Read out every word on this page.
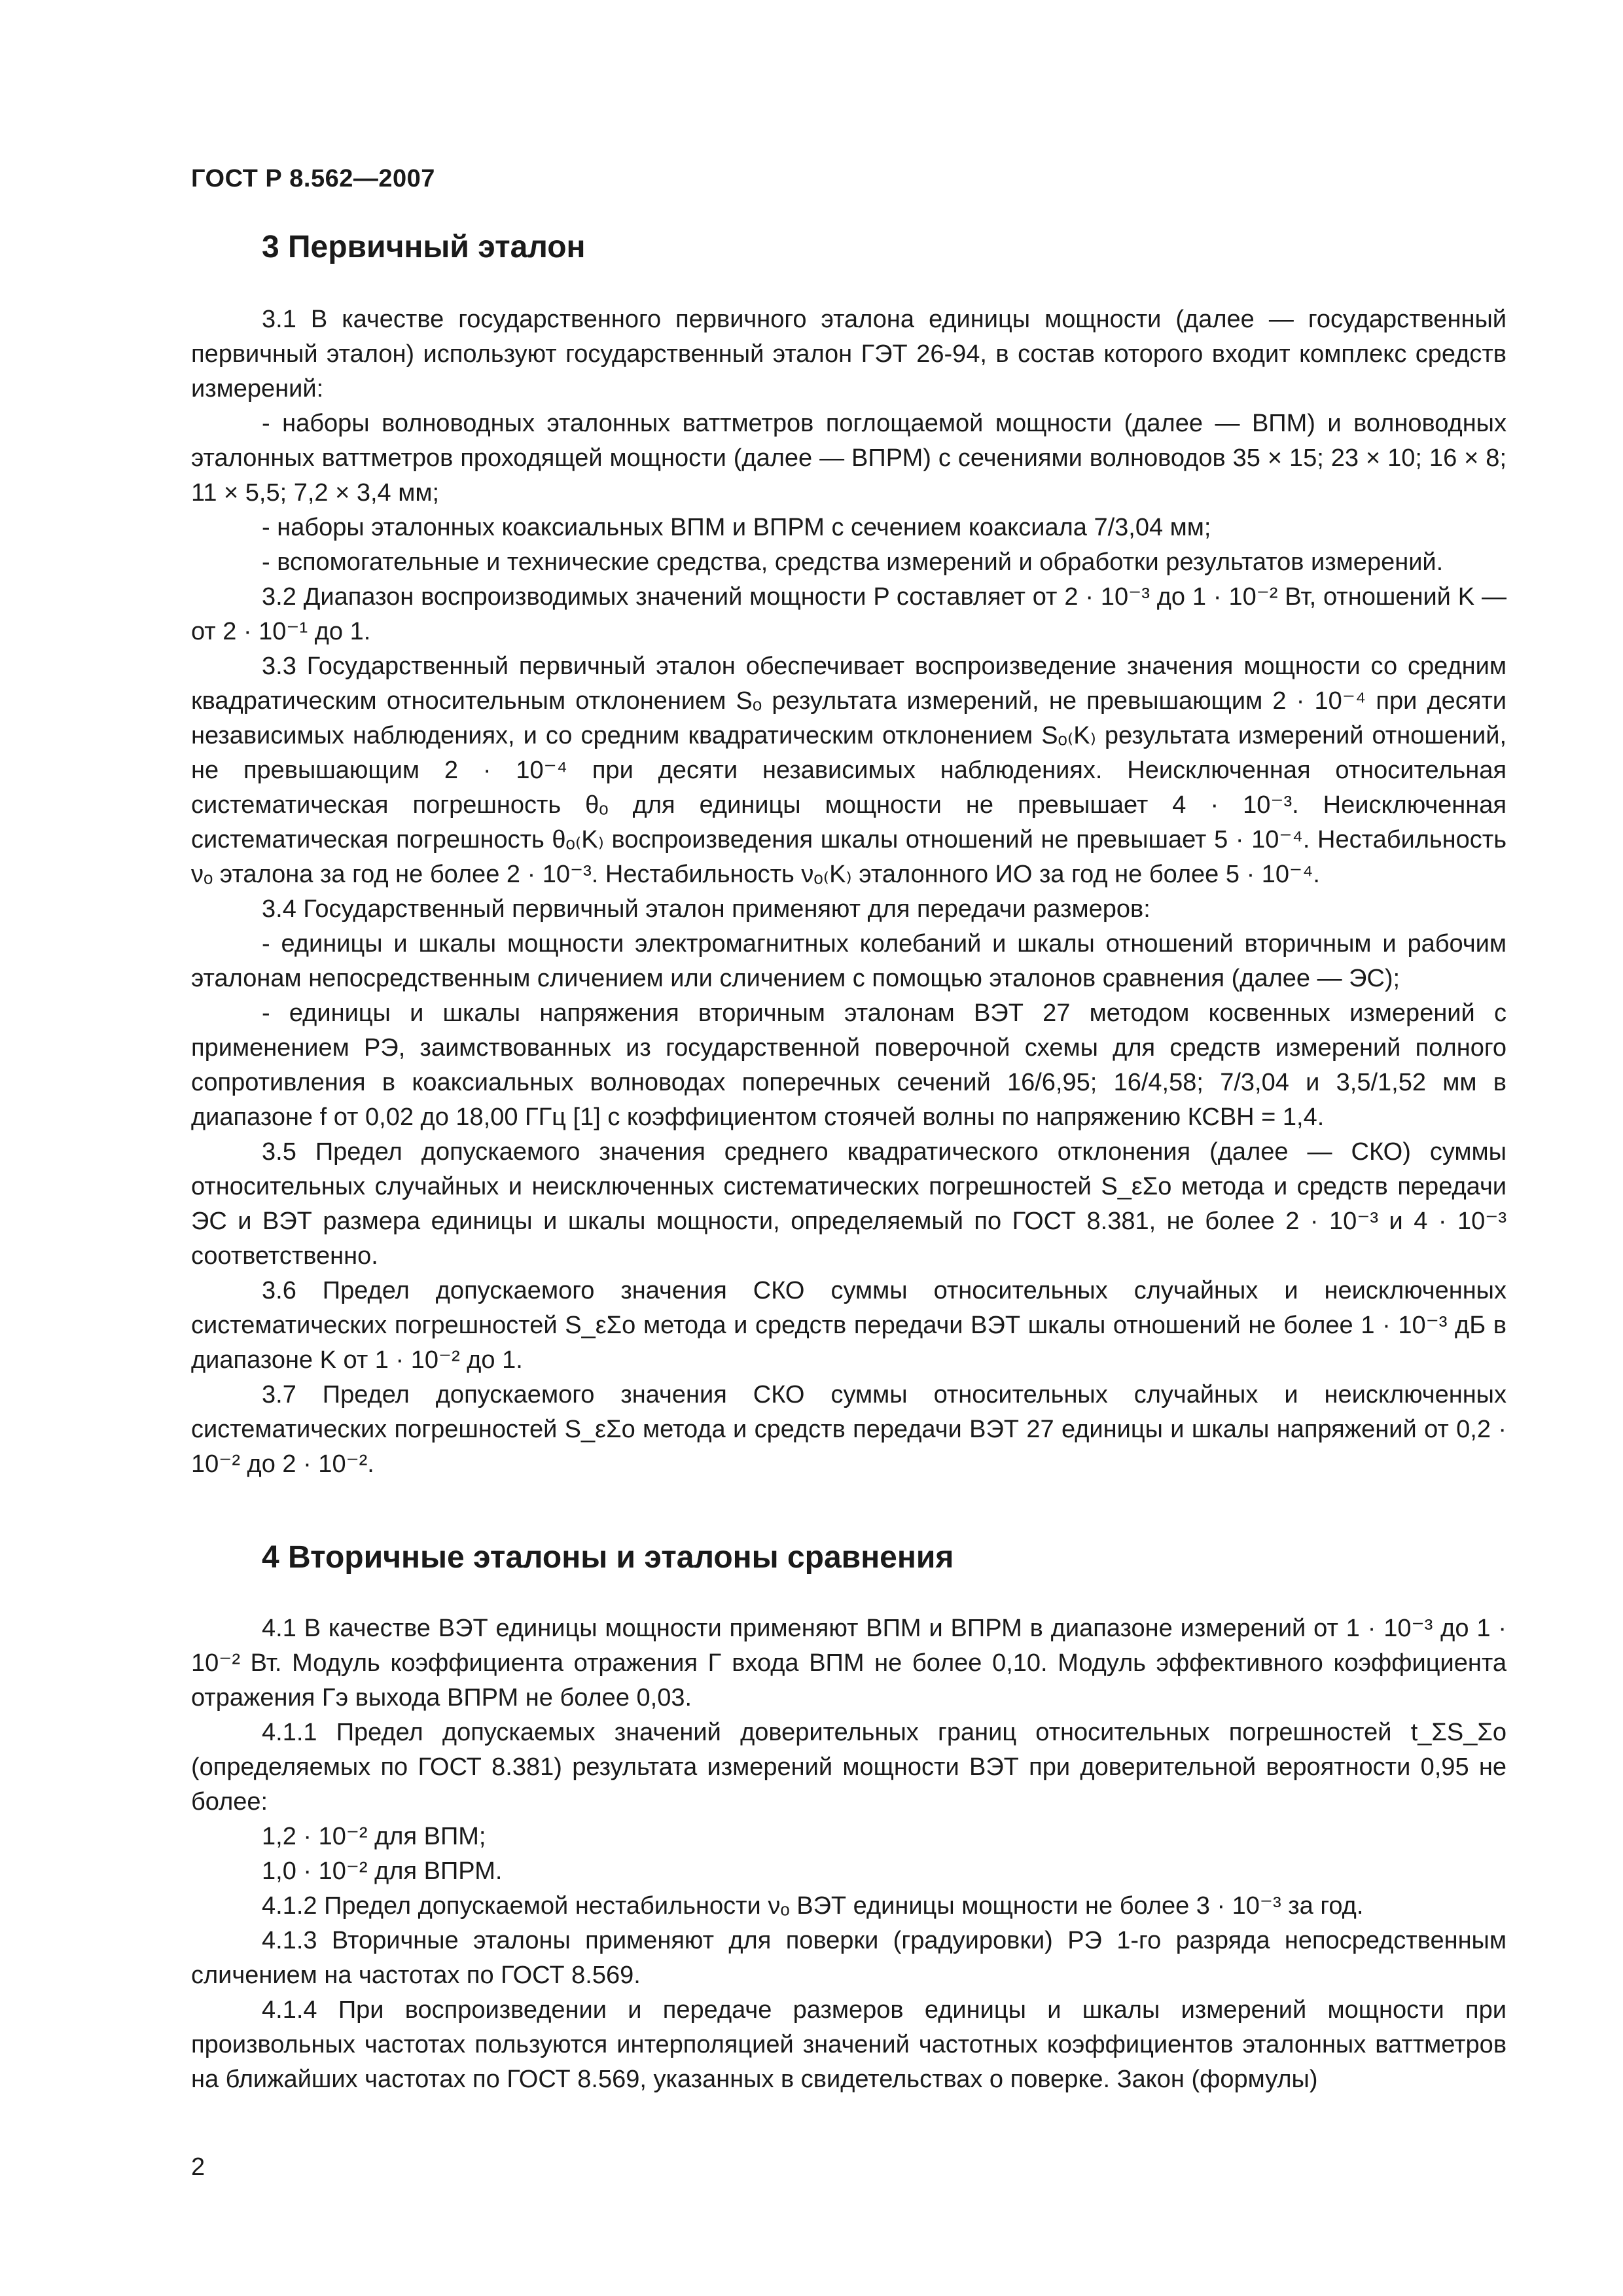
ГОСТ Р 8.562—2007
3 Первичный эталон

3.1 В качестве государственного первичного эталона единицы мощности (далее — государственный первичный эталон) используют государственный эталон ГЭТ 26-94, в состав которого входит комплекс средств измерений:

- наборы волноводных эталонных ваттметров поглощаемой мощности (далее — ВПМ) и волноводных эталонных ваттметров проходящей мощности (далее — ВПРМ) с сечениями волноводов 35 × 15; 23 × 10; 16 × 8; 11 × 5,5; 7,2 × 3,4 мм;

- наборы эталонных коаксиальных ВПМ и ВПРМ с сечением коаксиала 7/3,04 мм;

- вспомогательные и технические средства, средства измерений и обработки результатов измерений.

3.2 Диапазон воспроизводимых значений мощности P составляет от 2 · 10⁻³ до 1 · 10⁻² Вт, отношений K — от 2 · 10⁻¹ до 1.

3.3 Государственный первичный эталон обеспечивает воспроизведение значения мощности со средним квадратическим относительным отклонением Sₒ результата измерений, не превышающим 2 · 10⁻⁴ при десяти независимых наблюдениях, и со средним квадратическим отклонением Sₒ₍K₎ результата измерений отношений, не превышающим 2 · 10⁻⁴ при десяти независимых наблюдениях. Неисключенная относительная систематическая погрешность θₒ для единицы мощности не превышает 4 · 10⁻³. Неисключенная систематическая погрешность θₒ₍K₎ воспроизведения шкалы отношений не превышает 5 · 10⁻⁴. Нестабильность νₒ эталона за год не более 2 · 10⁻³. Нестабильность νₒ₍K₎ эталонного ИО за год не более 5 · 10⁻⁴.

3.4 Государственный первичный эталон применяют для передачи размеров:

- единицы и шкалы мощности электромагнитных колебаний и шкалы отношений вторичным и рабочим эталонам непосредственным сличением или сличением с помощью эталонов сравнения (далее — ЭС);

- единицы и шкалы напряжения вторичным эталонам ВЭТ 27 методом косвенных измерений с применением РЭ, заимствованных из государственной поверочной схемы для средств измерений полного сопротивления в коаксиальных волноводах поперечных сечений 16/6,95; 16/4,58; 7/3,04 и 3,5/1,52 мм в диапазоне f от 0,02 до 18,00 ГГц [1] с коэффициентом стоячей волны по напряжению КСВН = 1,4.

3.5 Предел допускаемого значения среднего квадратического отклонения (далее — СКО) суммы относительных случайных и неисключенных систематических погрешностей S_εΣo метода и средств передачи ЭС и ВЭТ размера единицы и шкалы мощности, определяемый по ГОСТ 8.381, не более 2 · 10⁻³ и 4 · 10⁻³ соответственно.

3.6 Предел допускаемого значения СКО суммы относительных случайных и неисключенных систематических погрешностей S_εΣo метода и средств передачи ВЭТ шкалы отношений не более 1 · 10⁻³ дБ в диапазоне K от 1 · 10⁻² до 1.

3.7 Предел допускаемого значения СКО суммы относительных случайных и неисключенных систематических погрешностей S_εΣo метода и средств передачи ВЭТ 27 единицы и шкалы напряжений от 0,2 · 10⁻² до 2 · 10⁻².

4 Вторичные эталоны и эталоны сравнения

4.1 В качестве ВЭТ единицы мощности применяют ВПМ и ВПРМ в диапазоне измерений от 1 · 10⁻³ до 1 · 10⁻² Вт. Модуль коэффициента отражения Γ входа ВПМ не более 0,10. Модуль эффективного коэффициента отражения Γэ выхода ВПРМ не более 0,03.

4.1.1 Предел допускаемых значений доверительных границ относительных погрешностей t_ΣS_Σo (определяемых по ГОСТ 8.381) результата измерений мощности ВЭТ при доверительной вероятности 0,95 не более:

1,2 · 10⁻² для ВПМ;

1,0 · 10⁻² для ВПРМ.

4.1.2 Предел допускаемой нестабильности νₒ ВЭТ единицы мощности не более 3 · 10⁻³ за год.

4.1.3 Вторичные эталоны применяют для поверки (градуировки) РЭ 1-го разряда непосредственным сличением на частотах по ГОСТ 8.569.

4.1.4 При воспроизведении и передаче размеров единицы и шкалы измерений мощности при произвольных частотах пользуются интерполяцией значений частотных коэффициентов эталонных ваттметров на ближайших частотах по ГОСТ 8.569, указанных в свидетельствах о поверке. Закон (формулы)

2
